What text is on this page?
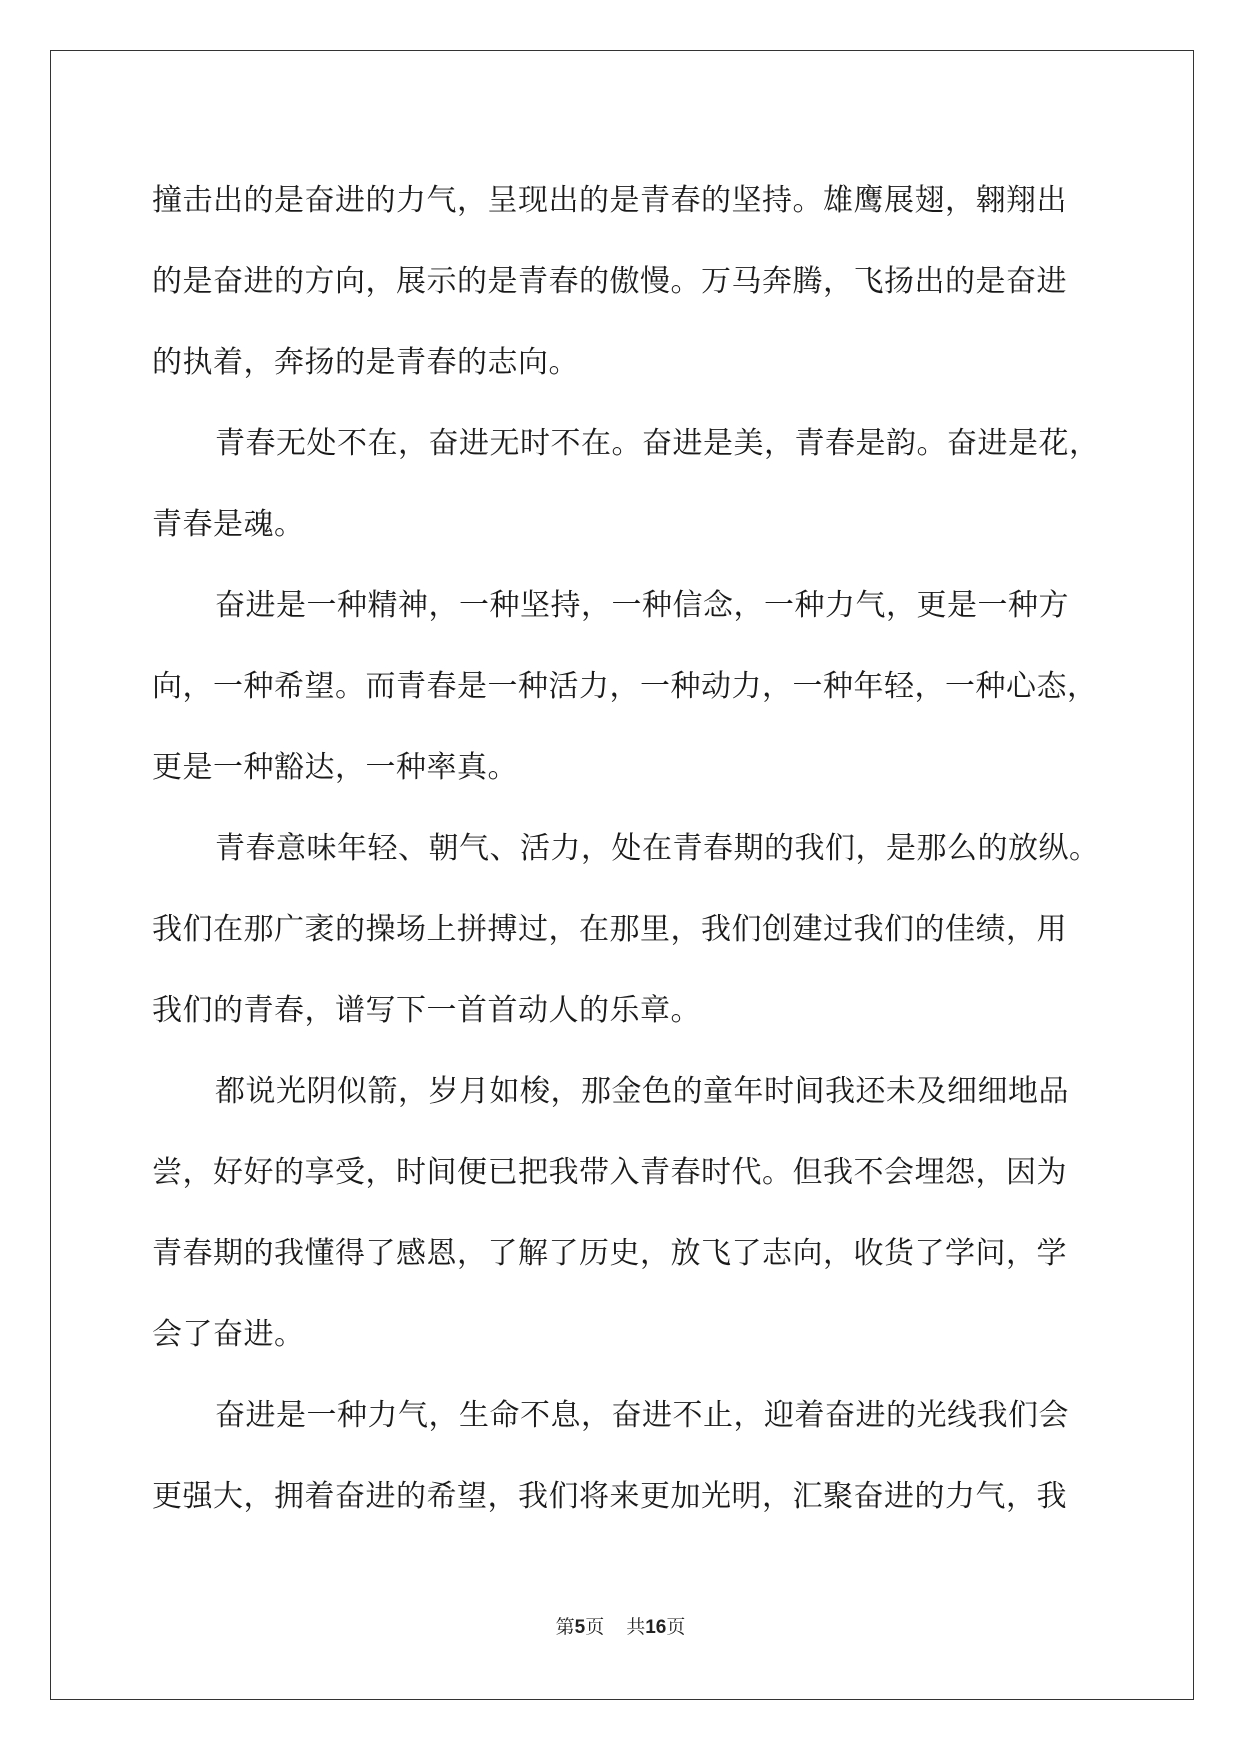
撞击出的是奋进的力气，呈现出的是青春的坚持。雄鹰展翅，翱翔出
的是奋进的方向，展示的是青春的傲慢。万马奔腾，飞扬出的是奋进
的执着，奔扬的是青春的志向。
青春无处不在，奋进无时不在。奋进是美，青春是韵。奋进是花，
青春是魂。
奋进是一种精神，一种坚持，一种信念，一种力气，更是一种方
向，一种希望。而青春是一种活力，一种动力，一种年轻，一种心态，
更是一种豁达，一种率真。
青春意味年轻、朝气、活力，处在青春期的我们，是那么的放纵。
我们在那广袤的操场上拼搏过，在那里，我们创建过我们的佳绩，用
我们的青春，谱写下一首首动人的乐章。
都说光阴似箭，岁月如梭，那金色的童年时间我还未及细细地品
尝，好好的享受，时间便已把我带入青春时代。但我不会埋怨，因为
青春期的我懂得了感恩，了解了历史，放飞了志向，收货了学问，学
会了奋进。
奋进是一种力气，生命不息，奋进不止，迎着奋进的光线我们会
更强大，拥着奋进的希望，我们将来更加光明，汇聚奋进的力气，我
第5页 共16页
